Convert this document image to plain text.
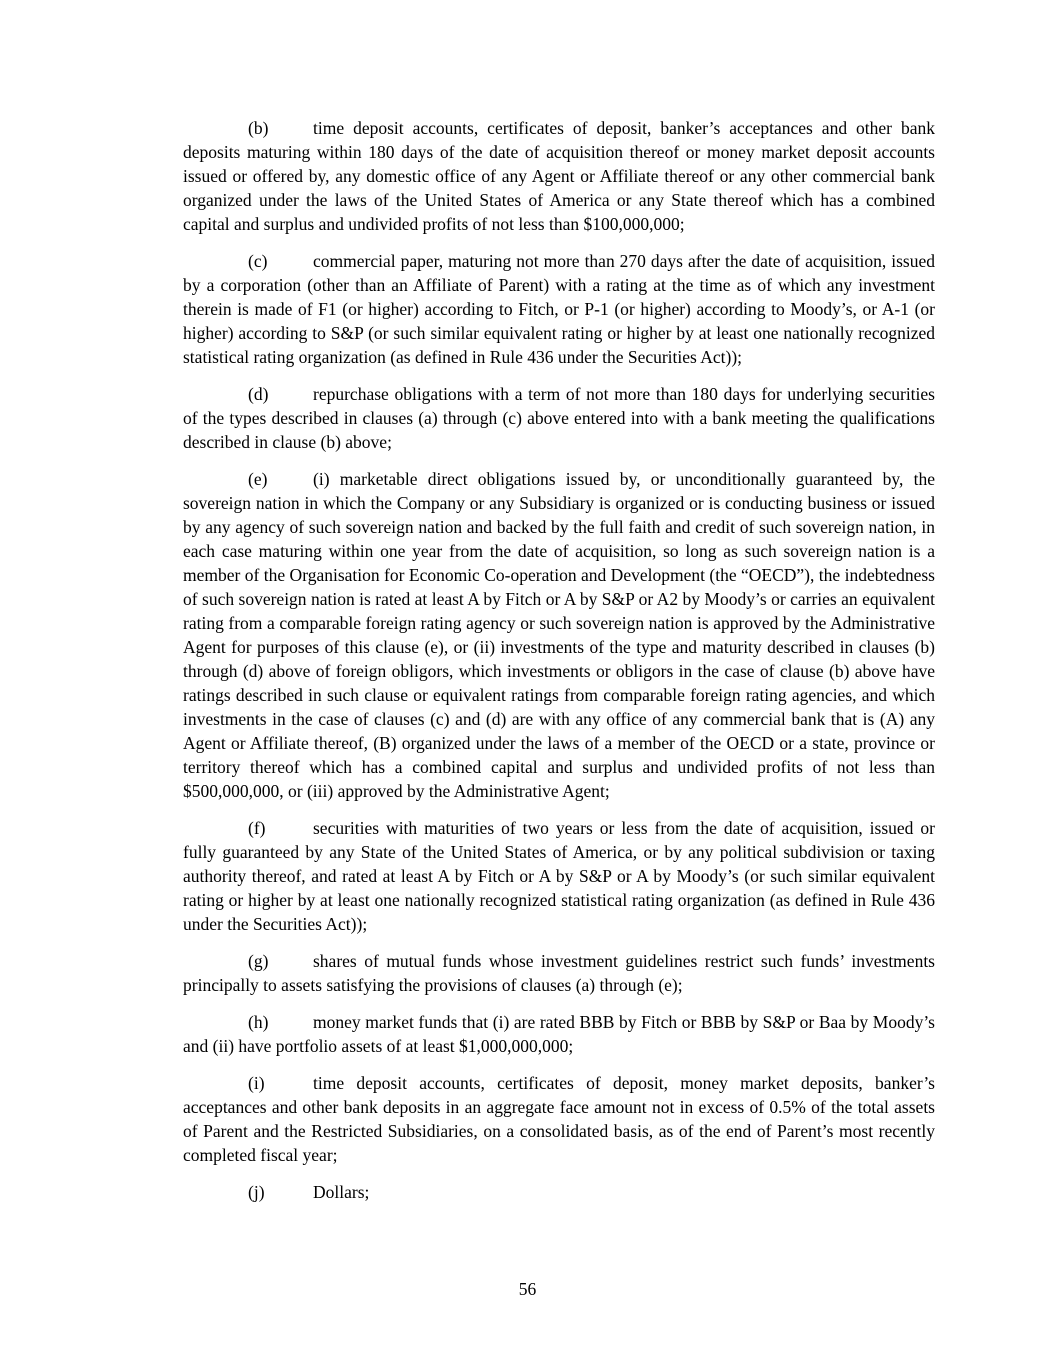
(b)	time deposit accounts, certificates of deposit, banker’s acceptances and other bank deposits maturing within 180 days of the date of acquisition thereof or money market deposit accounts issued or offered by, any domestic office of any Agent or Affiliate thereof or any other commercial bank organized under the laws of the United States of America or any State thereof which has a combined capital and surplus and undivided profits of not less than $100,000,000;

(c)	commercial paper, maturing not more than 270 days after the date of acquisition, issued by a corporation (other than an Affiliate of Parent) with a rating at the time as of which any investment therein is made of F1 (or higher) according to Fitch, or P-1 (or higher) according to Moody’s, or A-1 (or higher) according to S&P (or such similar equivalent rating or higher by at least one nationally recognized statistical rating organization (as defined in Rule 436 under the Securities Act));

(d)	repurchase obligations with a term of not more than 180 days for underlying securities of the types described in clauses (a) through (c) above entered into with a bank meeting the qualifications described in clause (b) above;

(e)	(i) marketable direct obligations issued by, or unconditionally guaranteed by, the sovereign nation in which the Company or any Subsidiary is organized or is conducting business or issued by any agency of such sovereign nation and backed by the full faith and credit of such sovereign nation, in each case maturing within one year from the date of acquisition, so long as such sovereign nation is a member of the Organisation for Economic Co-operation and Development (the “OECD”), the indebtedness of such sovereign nation is rated at least A by Fitch or A by S&P or A2 by Moody’s or carries an equivalent rating from a comparable foreign rating agency or such sovereign nation is approved by the Administrative Agent for purposes of this clause (e), or (ii) investments of the type and maturity described in clauses (b) through (d) above of foreign obligors, which investments or obligors in the case of clause (b) above have ratings described in such clause or equivalent ratings from comparable foreign rating agencies, and which investments in the case of clauses (c) and (d) are with any office of any commercial bank that is (A) any Agent or Affiliate thereof, (B) organized under the laws of a member of the OECD or a state, province or territory thereof which has a combined capital and surplus and undivided profits of not less than $500,000,000, or (iii) approved by the Administrative Agent;

(f)	securities with maturities of two years or less from the date of acquisition, issued or fully guaranteed by any State of the United States of America, or by any political subdivision or taxing authority thereof, and rated at least A by Fitch or A by S&P or A by Moody’s (or such similar equivalent rating or higher by at least one nationally recognized statistical rating organization (as defined in Rule 436 under the Securities Act));

(g)	shares of mutual funds whose investment guidelines restrict such funds’ investments principally to assets satisfying the provisions of clauses (a) through (e);

(h)	money market funds that (i) are rated BBB by Fitch or BBB by S&P or Baa by Moody’s and (ii) have portfolio assets of at least $1,000,000,000;

(i)	time deposit accounts, certificates of deposit, money market deposits, banker’s acceptances and other bank deposits in an aggregate face amount not in excess of 0.5% of the total assets of Parent and the Restricted Subsidiaries, on a consolidated basis, as of the end of Parent’s most recently completed fiscal year;

(j)	Dollars;

56
